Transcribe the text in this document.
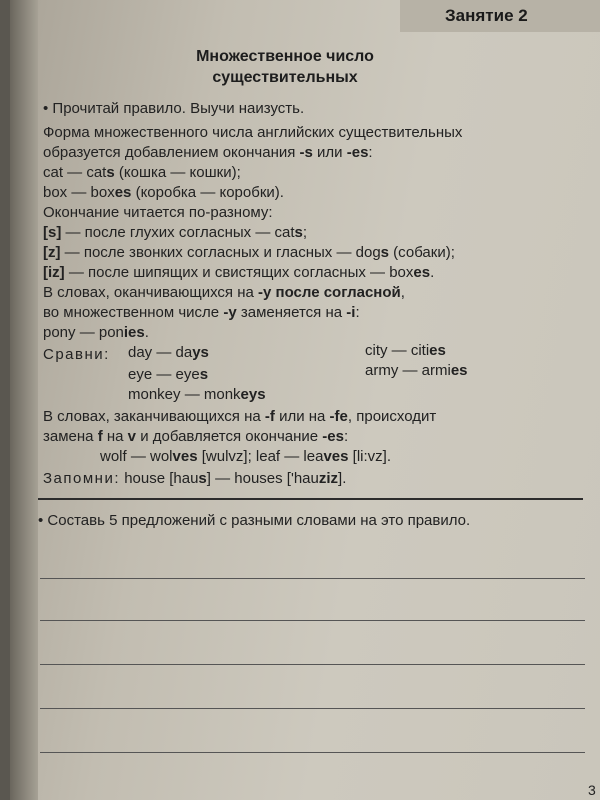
Занятие 2
Множественное число
существительных
• Прочитай правило. Выучи наизусть.
Форма множественного числа английских существительных
образуется добавлением окончания -s или -es:
cat — cats (кошка — кошки);
box — boxes (коробка — коробки).
Окончание читается по-разному:
[s] — после глухих согласных — cats;
[z] — после звонких согласных и гласных — dogs (собаки);
[iz] — после шипящих и свистящих согласных — boxes.
В словах, оканчивающихся на -y после согласной,
во множественном числе -y заменяется на -i:
pony — ponies.
Сравни: day — days	city — cities
eye — eyes	army — armies
monkey — monkeys
В словах, заканчивающихся на -f или на -fe, происходит
замена f на v и добавляется окончание -es:
wolf — wolves [wulvz]; leaf — leaves [li:vz].
Запомни: house [haus] — houses ['hauziz].
• Составь 5 предложений с разными словами на это правило.
3
